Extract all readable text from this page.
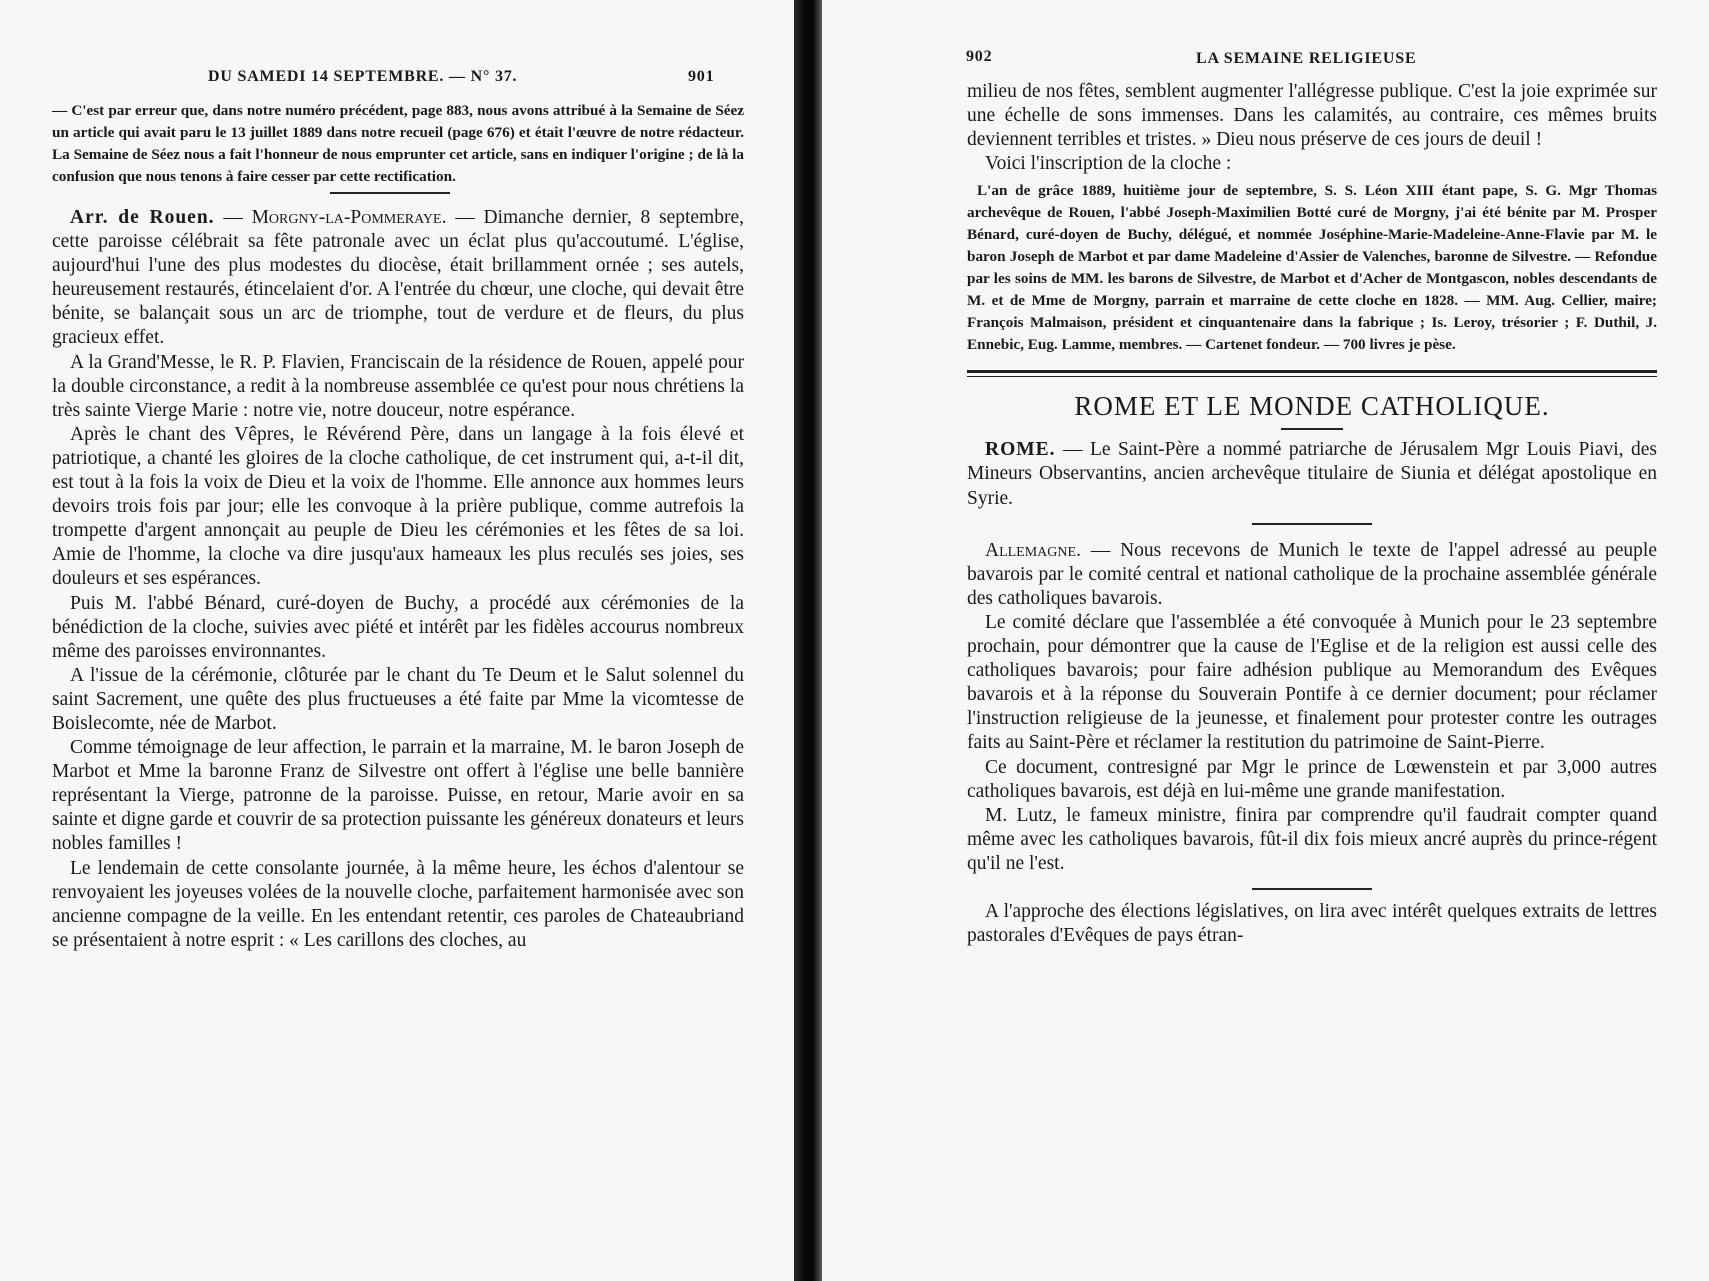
DU SAMEDI 14 SEPTEMBRE. — N° 37.	901

— C'est par erreur que, dans notre numéro précédent, page 883, nous avons attribué à la Semaine de Séez un article qui avait paru le 13 juillet 1889 dans notre recueil (page 676) et était l'œuvre de notre rédacteur. La Semaine de Séez nous a fait l'honneur de nous emprunter cet article, sans en indiquer l'origine ; de là la confusion que nous tenons à faire cesser par cette rectification.

Arr. de Rouen. — Morgny-la-Pommeraye. — Dimanche dernier, 8 septembre, cette paroisse célébrait sa fête patronale avec un éclat plus qu'accoutumé. L'église, aujourd'hui l'une des plus modestes du diocèse, était brillamment ornée ; ses autels, heureusement restaurés, étincelaient d'or. A l'entrée du chœur, une cloche, qui devait être bénite, se balançait sous un arc de triomphe, tout de verdure et de fleurs, du plus gracieux effet.

A la Grand'Messe, le R. P. Flavien, Franciscain de la résidence de Rouen, appelé pour la double circonstance, a redit à la nombreuse assemblée ce qu'est pour nous chrétiens la très sainte Vierge Marie : notre vie, notre douceur, notre espérance.

Après le chant des Vêpres, le Révérend Père, dans un langage à la fois élevé et patriotique, a chanté les gloires de la cloche catholique, de cet instrument qui, a-t-il dit, est tout à la fois la voix de Dieu et la voix de l'homme. Elle annonce aux hommes leurs devoirs trois fois par jour; elle les convoque à la prière publique, comme autrefois la trompette d'argent annonçait au peuple de Dieu les cérémonies et les fêtes de sa loi. Amie de l'homme, la cloche va dire jusqu'aux hameaux les plus reculés ses joies, ses douleurs et ses espérances.

Puis M. l'abbé Bénard, curé-doyen de Buchy, a procédé aux cérémonies de la bénédiction de la cloche, suivies avec piété et intérêt par les fidèles accourus nombreux même des paroisses environnantes.

A l'issue de la cérémonie, clôturée par le chant du Te Deum et le Salut solennel du saint Sacrement, une quête des plus fructueuses a été faite par Mme la vicomtesse de Boislecomte, née de Marbot.

Comme témoignage de leur affection, le parrain et la marraine, M. le baron Joseph de Marbot et Mme la baronne Franz de Silvestre ont offert à l'église une belle bannière représentant la Vierge, patronne de la paroisse. Puisse, en retour, Marie avoir en sa sainte et digne garde et couvrir de sa protection puissante les généreux donateurs et leurs nobles familles !

Le lendemain de cette consolante journée, à la même heure, les échos d'alentour se renvoyaient les joyeuses volées de la nouvelle cloche, parfaitement harmonisée avec son ancienne compagne de la veille. En les entendant retentir, ces paroles de Chateaubriand se présentaient à notre esprit : « Les carillons des cloches, au

902	LA SEMAINE RELIGIEUSE

milieu de nos fêtes, semblent augmenter l'allégresse publique. C'est la joie exprimée sur une échelle de sons immenses. Dans les calamités, au contraire, ces mêmes bruits deviennent terribles et tristes. » Dieu nous préserve de ces jours de deuil !

Voici l'inscription de la cloche :

L'an de grâce 1889, huitième jour de septembre, S. S. Léon XIII étant pape, S. G. Mgr Thomas archevêque de Rouen, l'abbé Joseph-Maximilien Botté curé de Morgny, j'ai été bénite par M. Prosper Bénard, curé-doyen de Buchy, délégué, et nommée Joséphine-Marie-Madeleine-Anne-Flavie par M. le baron Joseph de Marbot et par dame Madeleine d'Assier de Valenches, baronne de Silvestre. — Refondue par les soins de MM. les barons de Silvestre, de Marbot et d'Acher de Montgascon, nobles descendants de M. et de Mme de Morgny, parrain et marraine de cette cloche en 1828. — MM. Aug. Cellier, maire; François Malmaison, président et cinquantenaire dans la fabrique ; Is. Leroy, trésorier ; F. Duthil, J. Ennebic, Eug. Lamme, membres. — Cartenet fondeur. — 700 livres je pèse.

ROME ET LE MONDE CATHOLIQUE.

ROME. — Le Saint-Père a nommé patriarche de Jérusalem Mgr Louis Piavi, des Mineurs Observantins, ancien archevêque titulaire de Siunia et délégat apostolique en Syrie.

Allemagne. — Nous recevons de Munich le texte de l'appel adressé au peuple bavarois par le comité central et national catholique de la prochaine assemblée générale des catholiques bavarois.

Le comité déclare que l'assemblée a été convoquée à Munich pour le 23 septembre prochain, pour démontrer que la cause de l'Eglise et de la religion est aussi celle des catholiques bavarois; pour faire adhésion publique au Memorandum des Evêques bavarois et à la réponse du Souverain Pontife à ce dernier document; pour réclamer l'instruction religieuse de la jeunesse, et finalement pour protester contre les outrages faits au Saint-Père et réclamer la restitution du patrimoine de Saint-Pierre.

Ce document, contresigné par Mgr le prince de Lœwenstein et par 3,000 autres catholiques bavarois, est déjà en lui-même une grande manifestation.

M. Lutz, le fameux ministre, finira par comprendre qu'il faudrait compter quand même avec les catholiques bavarois, fût-il dix fois mieux ancré auprès du prince-régent qu'il ne l'est.

A l'approche des élections législatives, on lira avec intérêt quelques extraits de lettres pastorales d'Evêques de pays étran-
